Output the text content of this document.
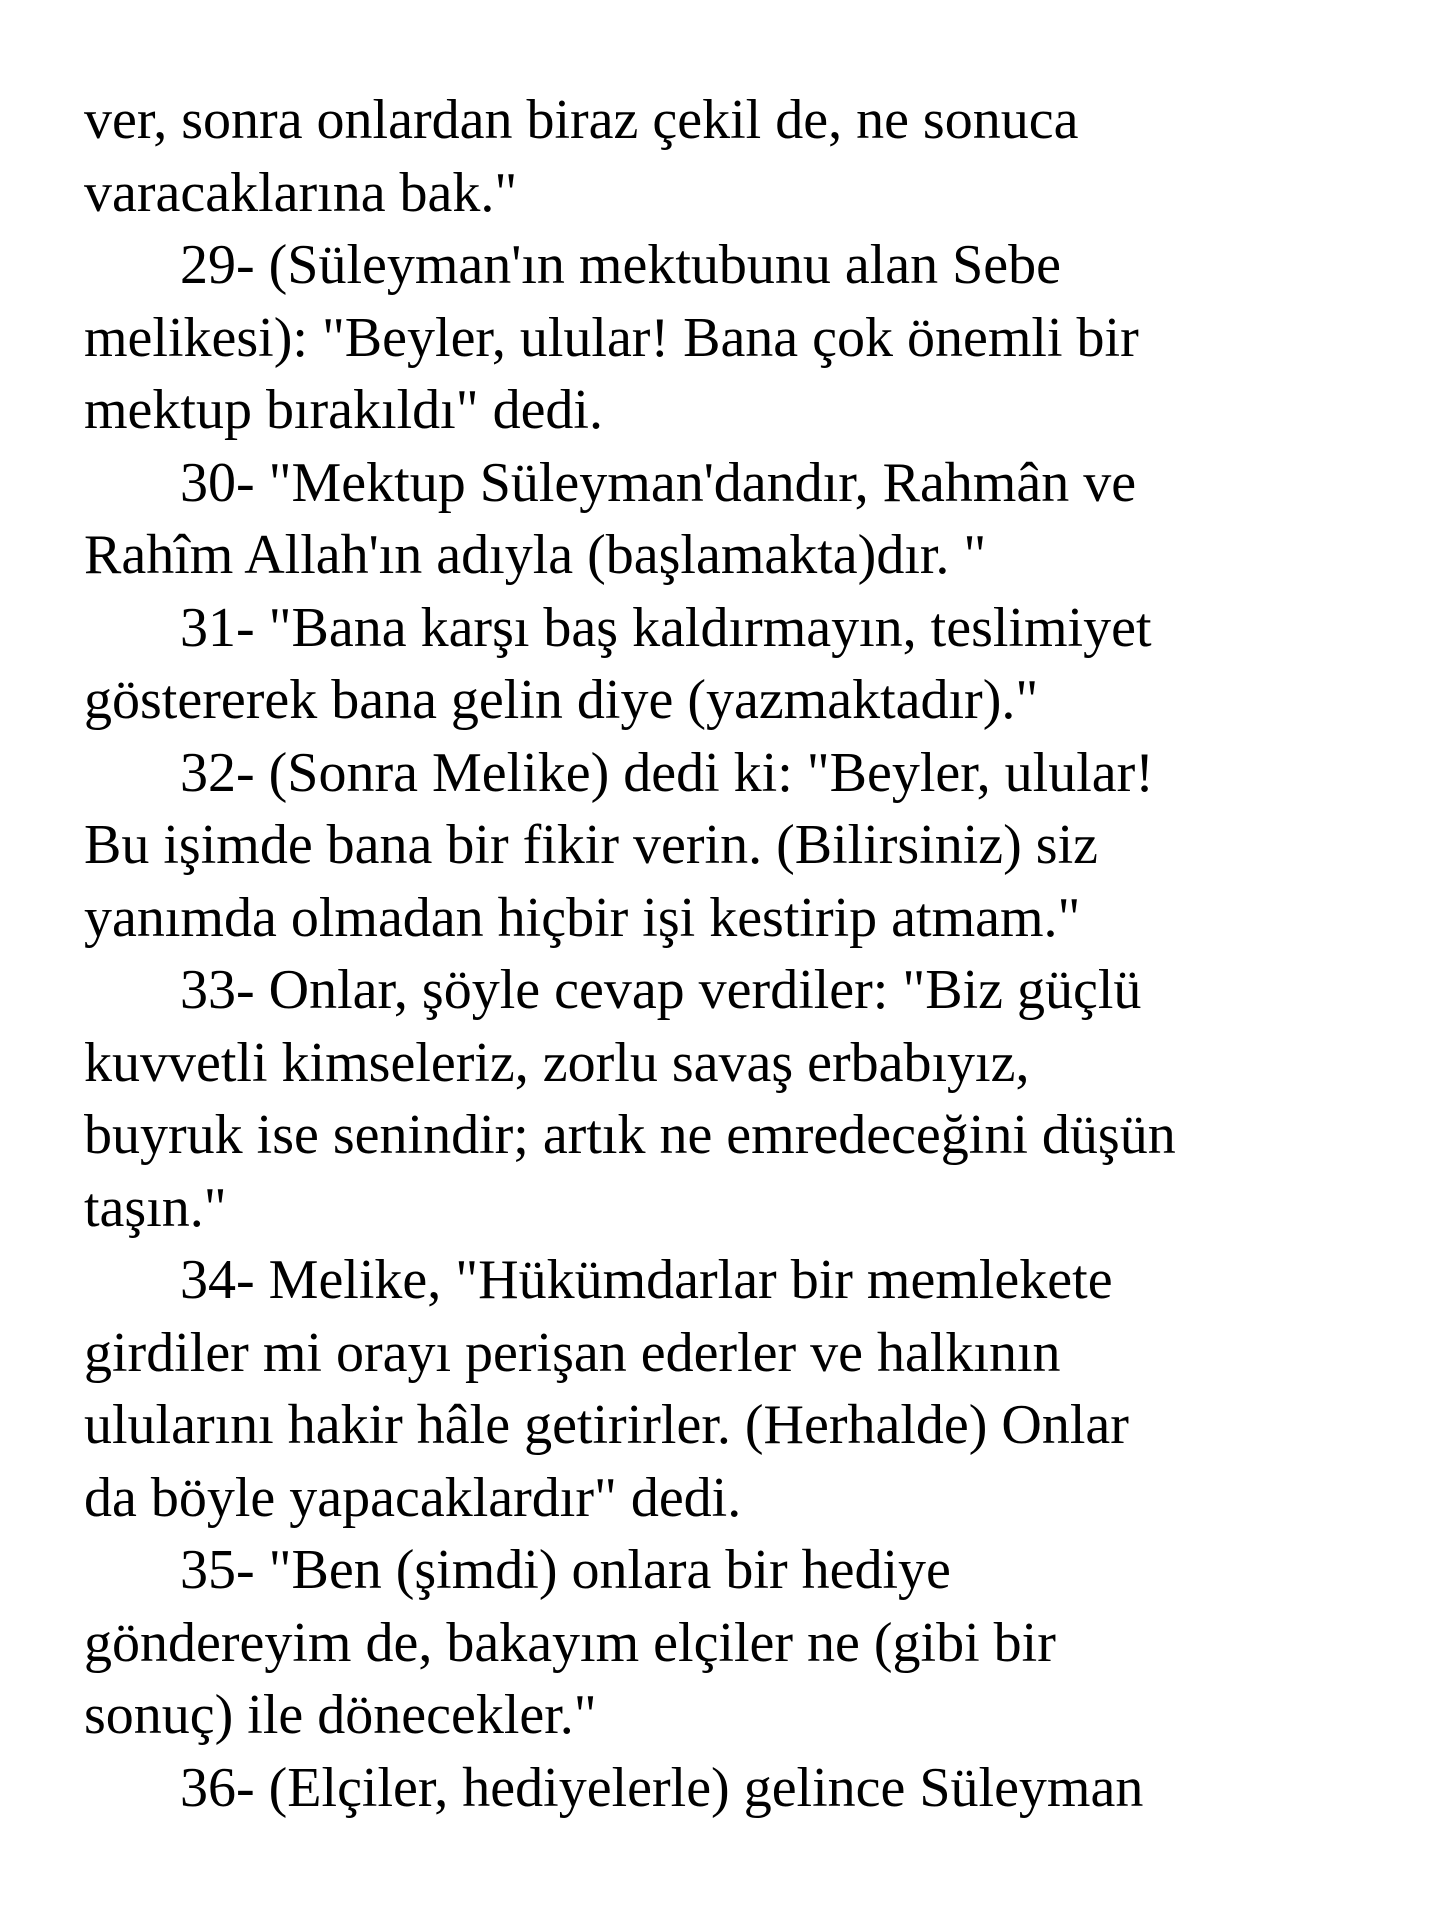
ver, sonra onlardan biraz çekil de, ne sonuca
varacaklarına bak."
29- (Süleyman'ın mektubunu alan Sebe
melikesi): "Beyler, ulular! Bana çok önemli bir
mektup bırakıldı" dedi.
30- "Mektup Süleyman'dandır, Rahmân ve
Rahîm Allah'ın adıyla (başlamakta)dır. "
31- "Bana karşı baş kaldırmayın, teslimiyet
göstererek bana gelin diye (yazmaktadır)."
32- (Sonra Melike) dedi ki: "Beyler, ulular!
Bu işimde bana bir fikir verin. (Bilirsiniz) siz
yanımda olmadan hiçbir işi kestirip atmam."
33- Onlar, şöyle cevap verdiler: "Biz güçlü
kuvvetli kimseleriz, zorlu savaş erbabıyız,
buyruk ise senindir; artık ne emredeceğini düşün
taşın."
34- Melike, "Hükümdarlar bir memlekete
girdiler mi orayı perişan ederler ve halkının
ulularını hakir hâle getirirler. (Herhalde) Onlar
da böyle yapacaklardır" dedi.
35- "Ben (şimdi) onlara bir hediye
göndereyim de, bakayım elçiler ne (gibi bir
sonuç) ile dönecekler."
36- (Elçiler, hediyelerle) gelince Süleyman
